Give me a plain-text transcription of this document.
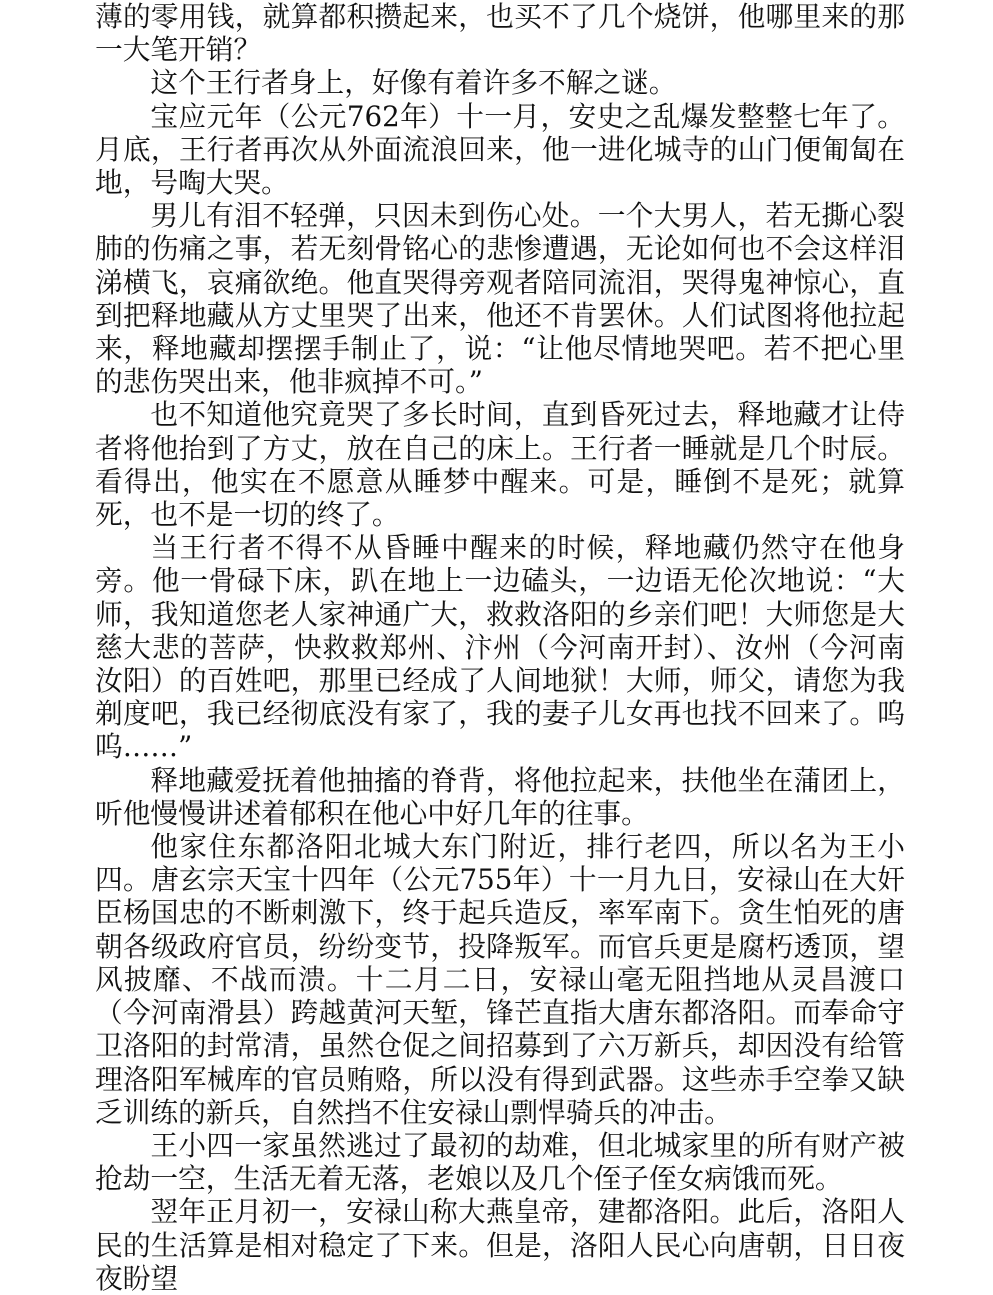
薄的零用钱，就算都积攒起来，也买不了几个烧饼，他哪里来的那一大笔开销？

这个王行者身上，好像有着许多不解之谜。

宝应元年（公元762年）十一月，安史之乱爆发整整七年了。月底，王行者再次从外面流浪回来，他一进化城寺的山门便匍匐在地，号啕大哭。

男儿有泪不轻弹，只因未到伤心处。一个大男人，若无撕心裂肺的伤痛之事，若无刻骨铭心的悲惨遭遇，无论如何也不会这样泪涕横飞，哀痛欲绝。他直哭得旁观者陪同流泪，哭得鬼神惊心，直到把释地藏从方丈里哭了出来，他还不肯罢休。人们试图将他拉起来，释地藏却摆摆手制止了，说：“让他尽情地哭吧。若不把心里的悲伤哭出来，他非疯掉不可。”

也不知道他究竟哭了多长时间，直到昏死过去，释地藏才让侍者将他抬到了方丈，放在自己的床上。王行者一睡就是几个时辰。看得出，他实在不愿意从睡梦中醒来。可是，睡倒不是死；就算死，也不是一切的终了。

当王行者不得不从昏睡中醒来的时候，释地藏仍然守在他身旁。他一骨碌下床，趴在地上一边磕头，一边语无伦次地说：“大师，我知道您老人家神通广大，救救洛阳的乡亲们吧！大师您是大慈大悲的菩萨，快救救郑州、汴州（今河南开封）、汝州（今河南汝阳）的百姓吧，那里已经成了人间地狱！大师，师父，请您为我剃度吧，我已经彻底没有家了，我的妻子儿女再也找不回来了。呜呜……”

释地藏爱抚着他抽搐的脊背，将他拉起来，扶他坐在蒲团上，听他慢慢讲述着郁积在他心中好几年的往事。

他家住东都洛阳北城大东门附近，排行老四，所以名为王小四。唐玄宗天宝十四年（公元755年）十一月九日，安禄山在大奸臣杨国忠的不断刺激下，终于起兵造反，率军南下。贪生怕死的唐朝各级政府官员，纷纷变节，投降叛军。而官兵更是腐朽透顶，望风披靡、不战而溃。十二月二日，安禄山毫无阻挡地从灵昌渡口（今河南滑县）跨越黄河天堑，锋芒直指大唐东都洛阳。而奉命守卫洛阳的封常清，虽然仓促之间招募到了六万新兵，却因没有给管理洛阳军械库的官员贿赂，所以没有得到武器。这些赤手空拳又缺乏训练的新兵，自然挡不住安禄山剽悍骑兵的冲击。

王小四一家虽然逃过了最初的劫难，但北城家里的所有财产被抢劫一空，生活无着无落，老娘以及几个侄子侄女病饿而死。

翌年正月初一，安禄山称大燕皇帝，建都洛阳。此后，洛阳人民的生活算是相对稳定了下来。但是，洛阳人民心向唐朝，日日夜夜盼望
